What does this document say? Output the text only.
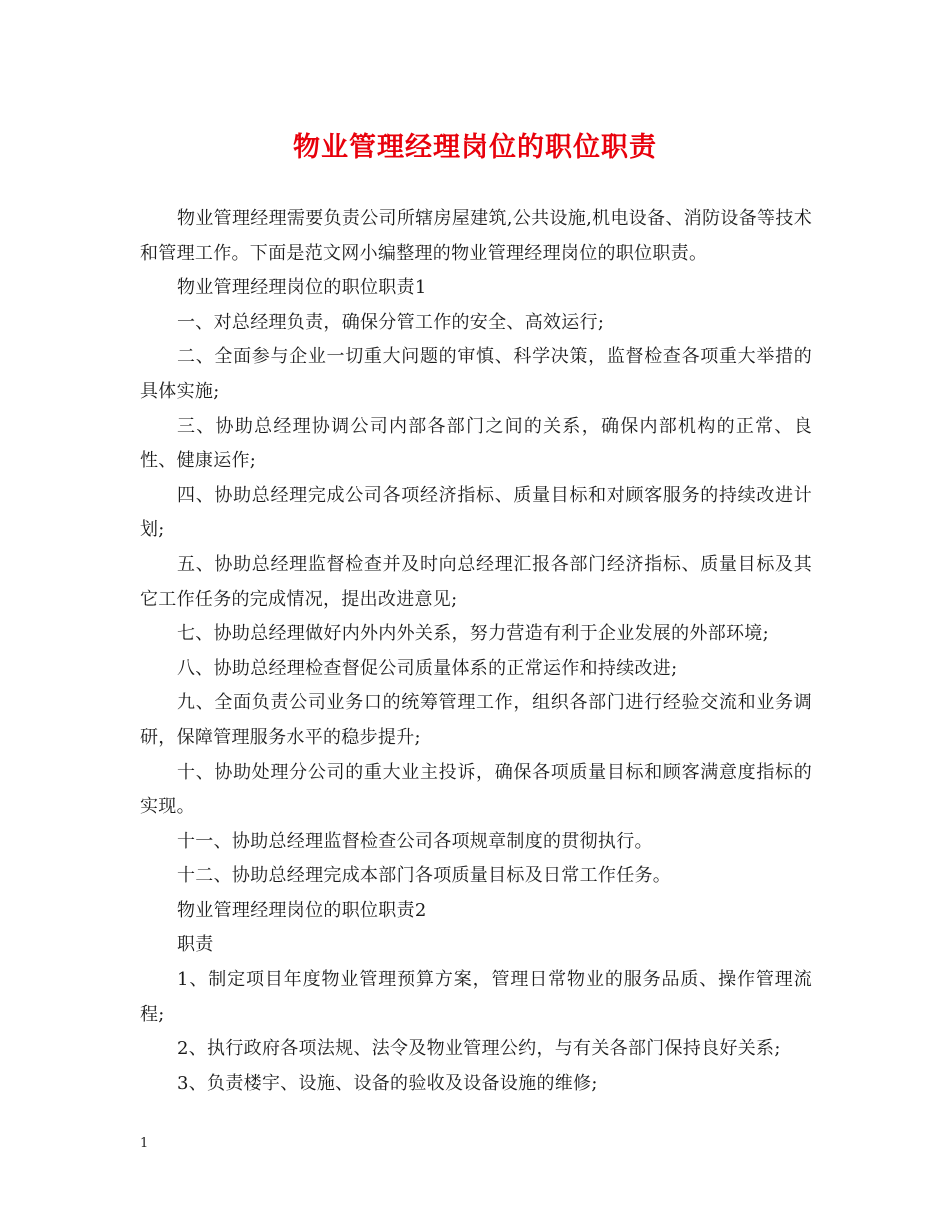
物业管理经理岗位的职位职责

物业管理经理需要负责公司所辖房屋建筑,公共设施,机电设备、消防设备等技术和管理工作。下面是范文网小编整理的物业管理经理岗位的职位职责。

物业管理经理岗位的职位职责1

一、对总经理负责，确保分管工作的安全、高效运行;

二、全面参与企业一切重大问题的审慎、科学决策，监督检查各项重大举措的具体实施;

三、协助总经理协调公司内部各部门之间的关系，确保内部机构的正常、良性、健康运作;

四、协助总经理完成公司各项经济指标、质量目标和对顾客服务的持续改进计划;

五、协助总经理监督检查并及时向总经理汇报各部门经济指标、质量目标及其它工作任务的完成情况，提出改进意见;

七、协助总经理做好内外内外关系，努力营造有利于企业发展的外部环境;

八、协助总经理检查督促公司质量体系的正常运作和持续改进;

九、全面负责公司业务口的统筹管理工作，组织各部门进行经验交流和业务调研，保障管理服务水平的稳步提升;

十、协助处理分公司的重大业主投诉，确保各项质量目标和顾客满意度指标的实现。

十一、协助总经理监督检查公司各项规章制度的贯彻执行。

十二、协助总经理完成本部门各项质量目标及日常工作任务。

物业管理经理岗位的职位职责2

职责

1、制定项目年度物业管理预算方案，管理日常物业的服务品质、操作管理流程;

2、执行政府各项法规、法令及物业管理公约，与有关各部门保持良好关系;

3、负责楼宇、设施、设备的验收及设备设施的维修;

1
